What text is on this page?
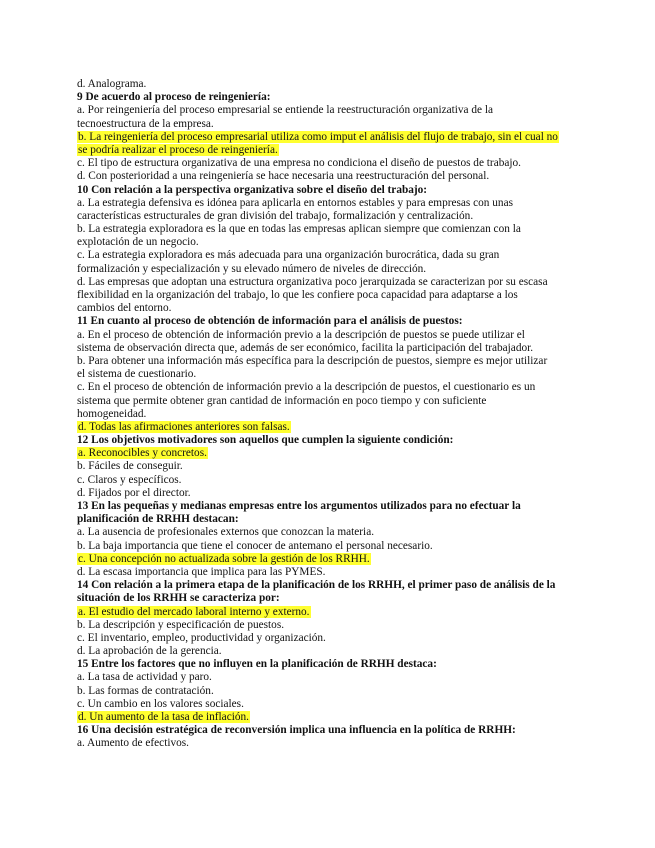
d. Analograma.
9 De acuerdo al proceso de reingeniería:
a. Por reingeniería del proceso empresarial se entiende la reestructuración organizativa de la
tecnoestructura de la empresa.
b. La reingeniería del proceso empresarial utiliza como imput el análisis del flujo de trabajo, sin el cual no
se podría realizar el proceso de reingeniería.
c. El tipo de estructura organizativa de una empresa no condiciona el diseño de puestos de trabajo.
d. Con posterioridad a una reingeniería se hace necesaria una reestructuración del personal.
10 Con relación a la perspectiva organizativa sobre el diseño del trabajo:
a. La estrategia defensiva es idónea para aplicarla en entornos estables y para empresas con unas
características estructurales de gran división del trabajo, formalización y centralización.
b. La estrategia exploradora es la que en todas las empresas aplican siempre que comienzan con la
explotación de un negocio.
c. La estrategia exploradora es más adecuada para una organización burocrática, dada su gran
formalización y especialización y su elevado número de niveles de dirección.
d. Las empresas que adoptan una estructura organizativa poco jerarquizada se caracterizan por su escasa
flexibilidad en la organización del trabajo, lo que les confiere poca capacidad para adaptarse a los
cambios del entorno.
11 En cuanto al proceso de obtención de información para el análisis de puestos:
a. En el proceso de obtención de información previo a la descripción de puestos se puede utilizar el
sistema de observación directa que, además de ser económico, facilita la participación del trabajador.
b. Para obtener una información más específica para la descripción de puestos, siempre es mejor utilizar
el sistema de cuestionario.
c. En el proceso de obtención de información previo a la descripción de puestos, el cuestionario es un
sistema que permite obtener gran cantidad de información en poco tiempo y con suficiente
homogeneidad.
d. Todas las afirmaciones anteriores son falsas.
12 Los objetivos motivadores son aquellos que cumplen la siguiente condición:
a. Reconocibles y concretos.
b. Fáciles de conseguir.
c. Claros y específicos.
d. Fijados por el director.
13 En las pequeñas y medianas empresas entre los argumentos utilizados para no efectuar la
planificación de RRHH destacan:
a. La ausencia de profesionales externos que conozcan la materia.
b. La baja importancia que tiene el conocer de antemano el personal necesario.
c. Una concepción no actualizada sobre la gestión de los RRHH.
d. La escasa importancia que implica para las PYMES.
14 Con relación a la primera etapa de la planificación de los RRHH, el primer paso de análisis de la
situación de los RRHH se caracteriza por:
a. El estudio del mercado laboral interno y externo.
b. La descripción y especificación de puestos.
c. El inventario, empleo, productividad y organización.
d. La aprobación de la gerencia.
15 Entre los factores que no influyen en la planificación de RRHH destaca:
a. La tasa de actividad y paro.
b. Las formas de contratación.
c. Un cambio en los valores sociales.
d. Un aumento de la tasa de inflación.
16 Una decisión estratégica de reconversión implica una influencia en la política de RRHH:
a. Aumento de efectivos.
